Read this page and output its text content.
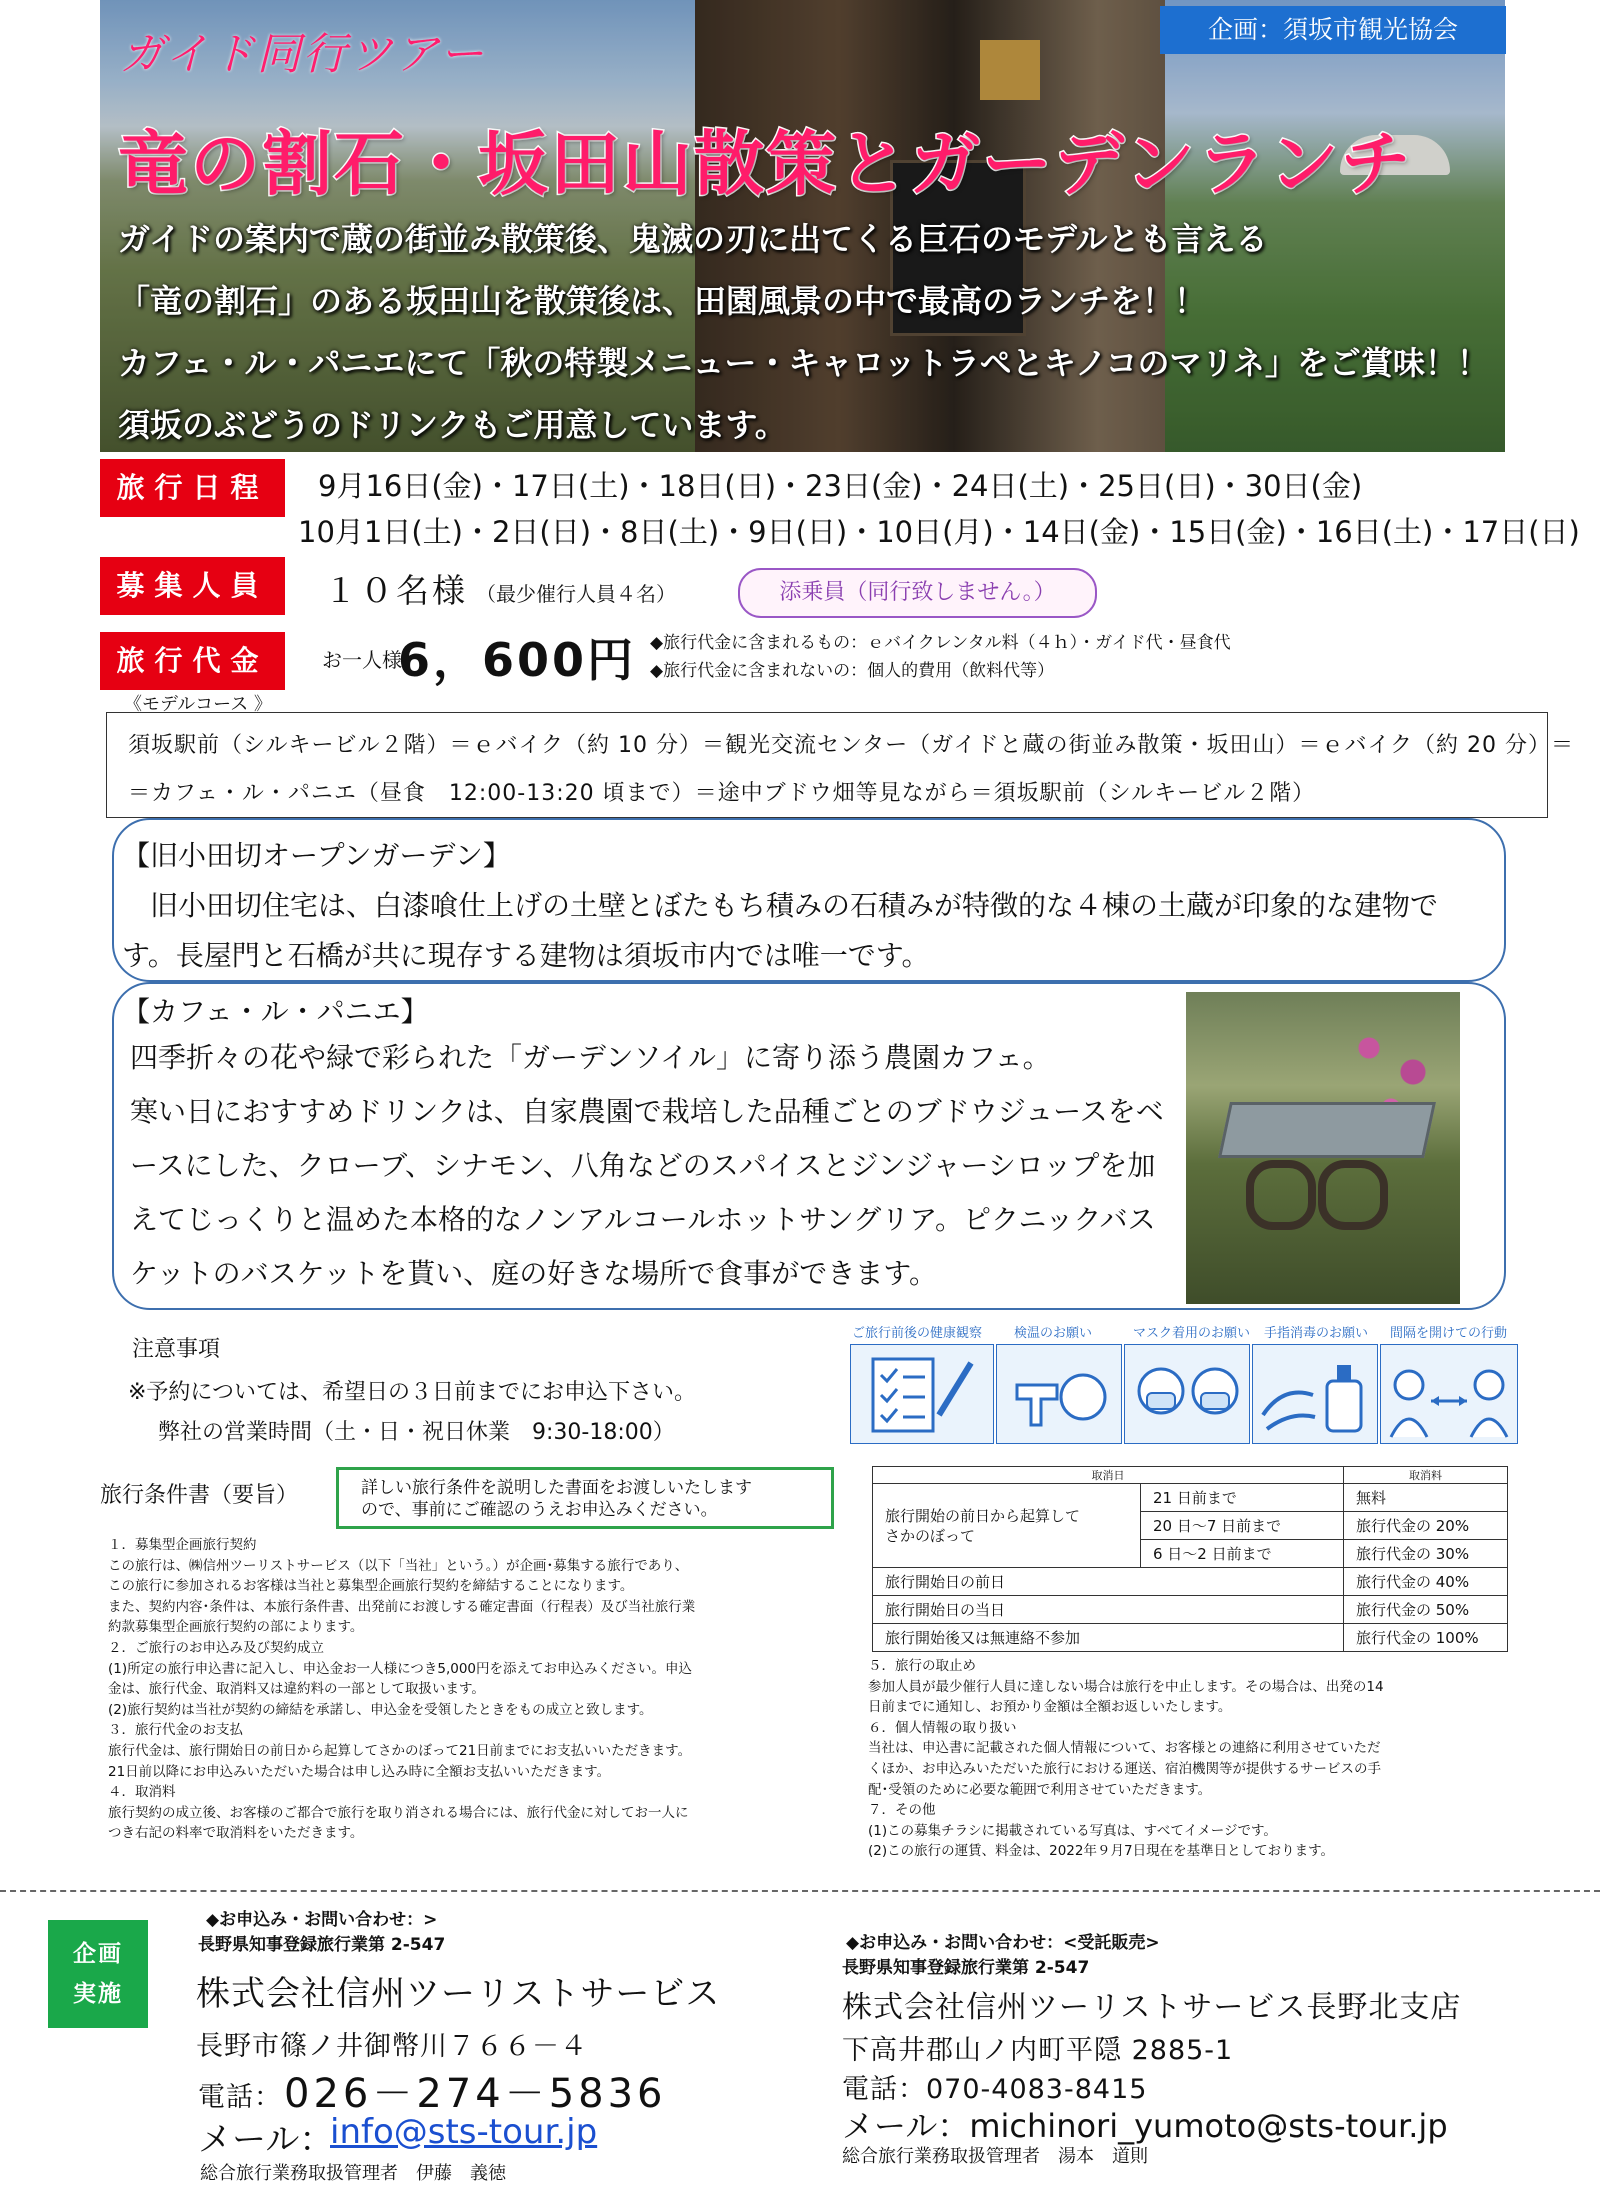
企画：須坂市観光協会
ガイド同行ツアー
竜の割石・坂田山散策とガーデンランチ
ガイドの案内で蔵の街並み散策後、鬼滅の刃に出てくる巨石のモデルとも言える
「竜の割石」のある坂田山を散策後は、田園風景の中で最高のランチを！！
カフェ・ル・パニエにて「秋の特製メニュー・キャロットラペとキノコのマリネ」をご賞味！！
須坂のぶどうのドリンクもご用意しています。
旅行日程	9月16日(金)・17日(土)・18日(日)・23日(金)・24日(土)・25日(日)・30日(金)
10月1日(土)・2日(日)・8日(土)・9日(日)・10日(月)・14日(金)・15日(金)・16日(土)・17日(日)
募集人員	１０名様 （最少催行人員４名）	添乗員（同行致しません。）
旅行代金	お一人様
6，600円 ◆旅行代金に含まれるもの：ｅバイクレンタル料（４ｈ）・ガイド代・昼食代
◆旅行代金に含まれないの：個人的費用（飲料代等）
《モデルコース 》
須坂駅前（シルキービル２階）＝ｅバイク（約 10 分）＝観光交流センター（ガイドと蔵の街並み散策・坂田山）＝ｅバイク（約 20 分）＝
＝カフェ・ル・パニエ（昼食　12:00-13:20 頃まで）＝途中ブドウ畑等見ながら＝須坂駅前（シルキービル２階）
【旧小田切オープンガーデン】
　旧小田切住宅は、白漆喰仕上げの土壁とぼたもち積みの石積みが特徴的な４棟の土蔵が印象的な建物で
す。長屋門と石橋が共に現存する建物は須坂市内では唯一です。
【カフェ・ル・パニエ】
四季折々の花や緑で彩られた「ガーデンソイル」に寄り添う農園カフェ。
寒い日におすすめドリンクは、自家農園で栽培した品種ごとのブドウジュースをベ
ースにした、クローブ、シナモン、八角などのスパイスとジンジャーシロップを加
えてじっくりと温めた本格的なノンアルコールホットサングリア。ピクニックバス
ケットのバスケットを貰い、庭の好きな場所で食事ができます。
注意事項
※予約については、希望日の３日前までにお申込下さい。
弊社の営業時間（土・日・祝日休業　9:30-18:00）
ご旅行前後の健康観察 検温のお願い	マスク着用のお願い 手指消毒のお願い 間隔を開けての行動
旅行条件書（要旨）	詳しい旅行条件を説明した書面をお渡しいたします
ので、事前にご確認のうえお申込みください。
１．募集型企画旅行契約
この旅行は、㈱信州ツーリストサービス（以下「当社」という。）が企画･募集する旅行であり、
この旅行に参加されるお客様は当社と募集型企画旅行契約を締結することになります。
また、契約内容･条件は、本旅行条件書、出発前にお渡しする確定書面（行程表）及び当社旅行業
約款募集型企画旅行契約の部によります。
２．ご旅行のお申込み及び契約成立
(1)所定の旅行申込書に記入し、申込金お一人様につき5,000円を添えてお申込みください。申込
金は、旅行代金、取消料又は違約料の一部として取扱います。
(2)旅行契約は当社が契約の締結を承諾し、申込金を受領したときをもの成立と致します。
３．旅行代金のお支払
旅行代金は、旅行開始日の前日から起算してさかのぼって21日前までにお支払いいただきます。
21日前以降にお申込みいただいた場合は申し込み時に全額お支払いいただきます。
４．取消料
旅行契約の成立後、お客様のご都合で旅行を取り消される場合には、旅行代金に対してお一人に
つき右記の料率で取消料をいただきます。
取消日		取消料
旅行開始の前日から起算して
さかのぼって	21 日前まで	無料
	20 日～7 日前まで	旅行代金の 20%
	6 日～2 日前まで	旅行代金の 30%
旅行開始日の前日		旅行代金の 40%
旅行開始日の当日		旅行代金の 50%
旅行開始後又は無連絡不参加		旅行代金の 100%
５．旅行の取止め
参加人員が最少催行人員に達しない場合は旅行を中止します。その場合は、出発の14
日前までに通知し、お預かり金額は全額お返しいたします。
６．個人情報の取り扱い
当社は、申込書に記載された個人情報について、お客様との連絡に利用させていただ
くほか、お申込みいただいた旅行における運送、宿泊機関等が提供するサービスの手
配･受領のために必要な範囲で利用させていただきます。
７．その他
(1)この募集チラシに掲載されている写真は、すべてイメージです。
(2)この旅行の運賃、料金は、2022年９月7日現在を基準日としております。
企画
実施
◆お申込み・お問い合わせ：>
長野県知事登録旅行業第 2-547
株式会社信州ツーリストサービス
長野市篠ノ井御幣川７６６－４
電話： 026－274－5836
メール：
info@sts-tour.jp
総合旅行業務取扱管理者　伊藤　義徳
◆お申込み・お問い合わせ：<受託販売>
長野県知事登録旅行業第 2-547
株式会社信州ツーリストサービス長野北支店
下高井郡山ノ内町平隠 2885-1
電話：070-4083-8415
メール：michinori_yumoto@sts-tour.jp
総合旅行業務取扱管理者　湯本　道則
